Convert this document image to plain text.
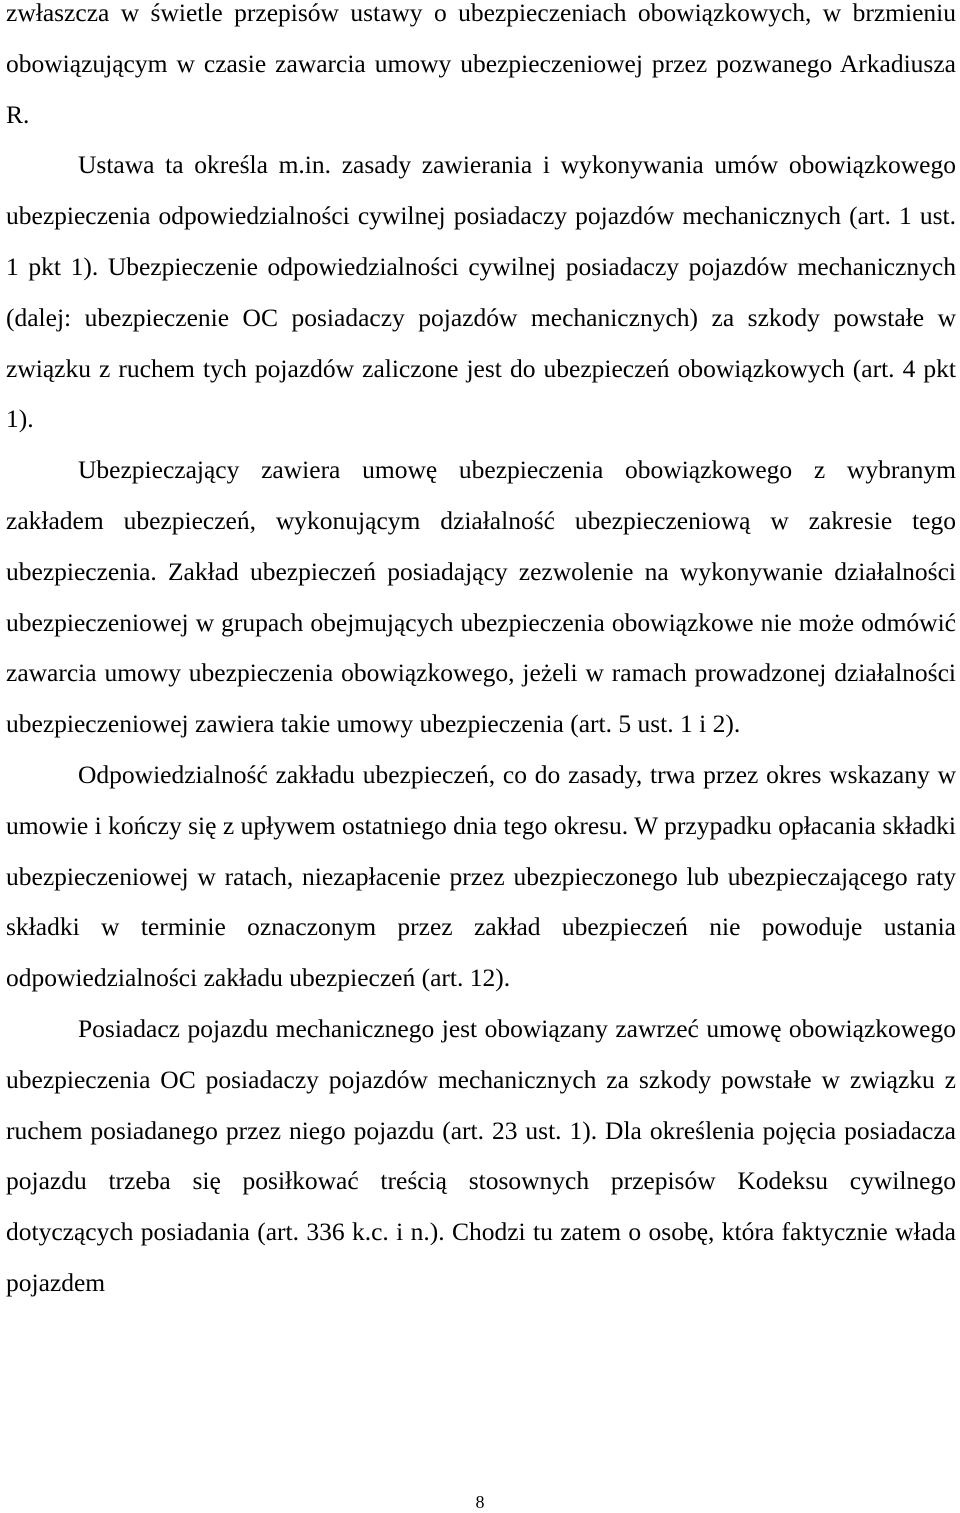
zwłaszcza w świetle przepisów ustawy o ubezpieczeniach obowiązkowych, w brzmieniu obowiązującym w czasie zawarcia umowy ubezpieczeniowej przez pozwanego Arkadiusza R.

Ustawa ta określa m.in. zasady zawierania i wykonywania umów obowiązkowego ubezpieczenia odpowiedzialności cywilnej posiadaczy pojazdów mechanicznych (art. 1 ust. 1 pkt 1). Ubezpieczenie odpowiedzialności cywilnej posiadaczy pojazdów mechanicznych (dalej: ubezpieczenie OC posiadaczy pojazdów mechanicznych) za szkody powstałe w związku z ruchem tych pojazdów zaliczone jest do ubezpieczeń obowiązkowych (art. 4 pkt 1).

Ubezpieczający zawiera umowę ubezpieczenia obowiązkowego z wybranym zakładem ubezpieczeń, wykonującym działalność ubezpieczeniową w zakresie tego ubezpieczenia. Zakład ubezpieczeń posiadający zezwolenie na wykonywanie działalności ubezpieczeniowej w grupach obejmujących ubezpieczenia obowiązkowe nie może odmówić zawarcia umowy ubezpieczenia obowiązkowego, jeżeli w ramach prowadzonej działalności ubezpieczeniowej zawiera takie umowy ubezpieczenia (art. 5 ust. 1 i 2).

Odpowiedzialność zakładu ubezpieczeń, co do zasady, trwa przez okres wskazany w umowie i kończy się z upływem ostatniego dnia tego okresu. W przypadku opłacania składki ubezpieczeniowej w ratach, niezapłacenie przez ubezpieczonego lub ubezpieczającego raty składki w terminie oznaczonym przez zakład ubezpieczeń nie powoduje ustania odpowiedzialności zakładu ubezpieczeń (art. 12).

Posiadacz pojazdu mechanicznego jest obowiązany zawrzeć umowę obowiązkowego ubezpieczenia OC posiadaczy pojazdów mechanicznych za szkody powstałe w związku z ruchem posiadanego przez niego pojazdu (art. 23 ust. 1). Dla określenia pojęcia posiadacza pojazdu trzeba się posiłkować treścią stosownych przepisów Kodeksu cywilnego dotyczących posiadania (art. 336 k.c. i n.). Chodzi tu zatem o osobę, która faktycznie włada pojazdem

8
